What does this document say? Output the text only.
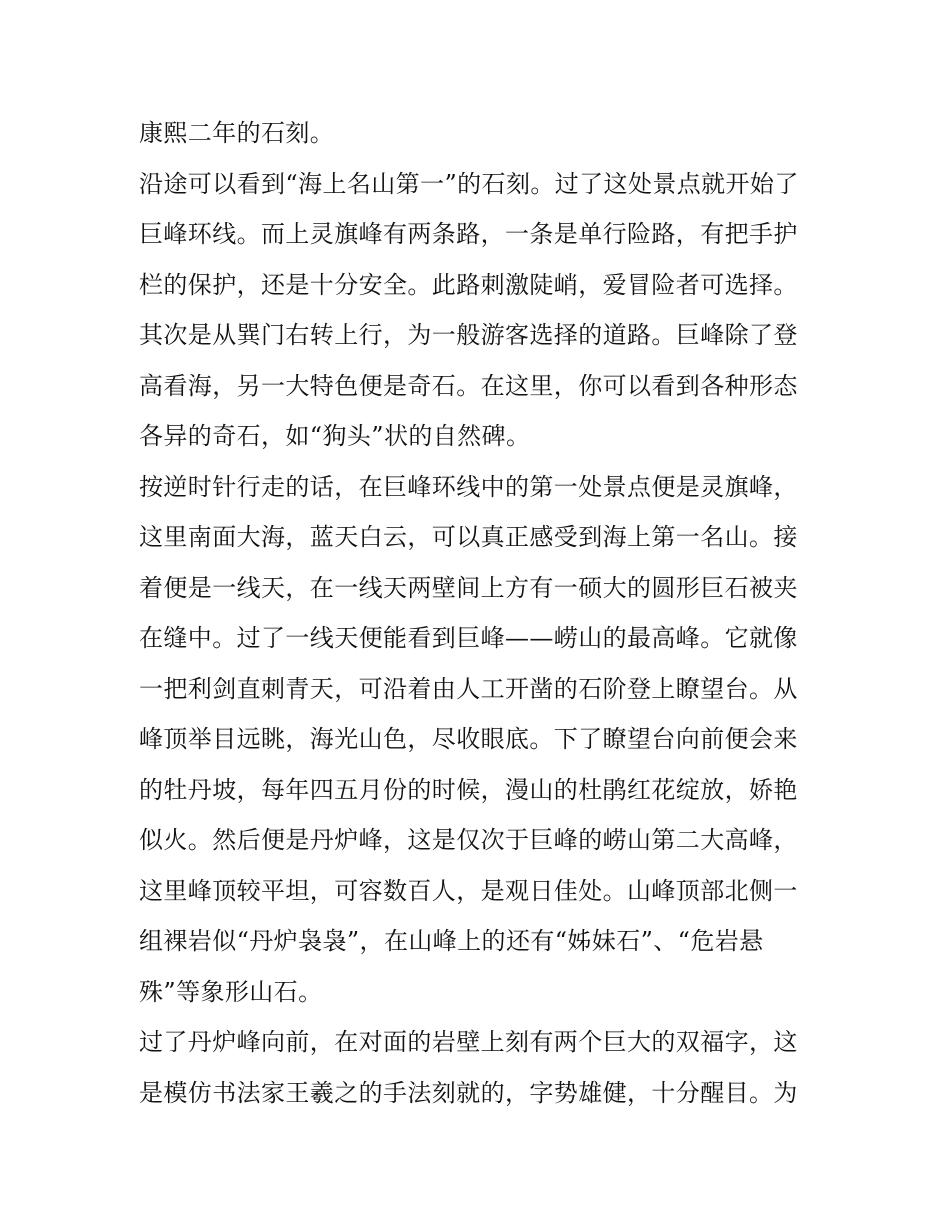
康熙二年的石刻。
沿途可以看到“海上名山第一”的石刻。过了这处景点就开始了
巨峰环线。而上灵旗峰有两条路，一条是单行险路，有把手护
栏的保护，还是十分安全。此路刺激陡峭，爱冒险者可选择。
其次是从巽门右转上行，为一般游客选择的道路。巨峰除了登
高看海，另一大特色便是奇石。在这里，你可以看到各种形态
各异的奇石，如“狗头”状的自然碑。
按逆时针行走的话，在巨峰环线中的第一处景点便是灵旗峰，
这里南面大海，蓝天白云，可以真正感受到海上第一名山。接
着便是一线天，在一线天两壁间上方有一硕大的圆形巨石被夹
在缝中。过了一线天便能看到巨峰——崂山的最高峰。它就像
一把利剑直刺青天，可沿着由人工开凿的石阶登上瞭望台。从
峰顶举目远眺，海光山色，尽收眼底。下了瞭望台向前便会来
的牡丹坡，每年四五月份的时候，漫山的杜鹃红花绽放，娇艳
似火。然后便是丹炉峰，这是仅次于巨峰的崂山第二大高峰，
这里峰顶较平坦，可容数百人，是观日佳处。山峰顶部北侧一
组裸岩似“丹炉袅袅”，在山峰上的还有“姊妹石”、“危岩悬
殊”等象形山石。
过了丹炉峰向前，在对面的岩壁上刻有两个巨大的双福字，这
是模仿书法家王羲之的手法刻就的，字势雄健，十分醒目。为
